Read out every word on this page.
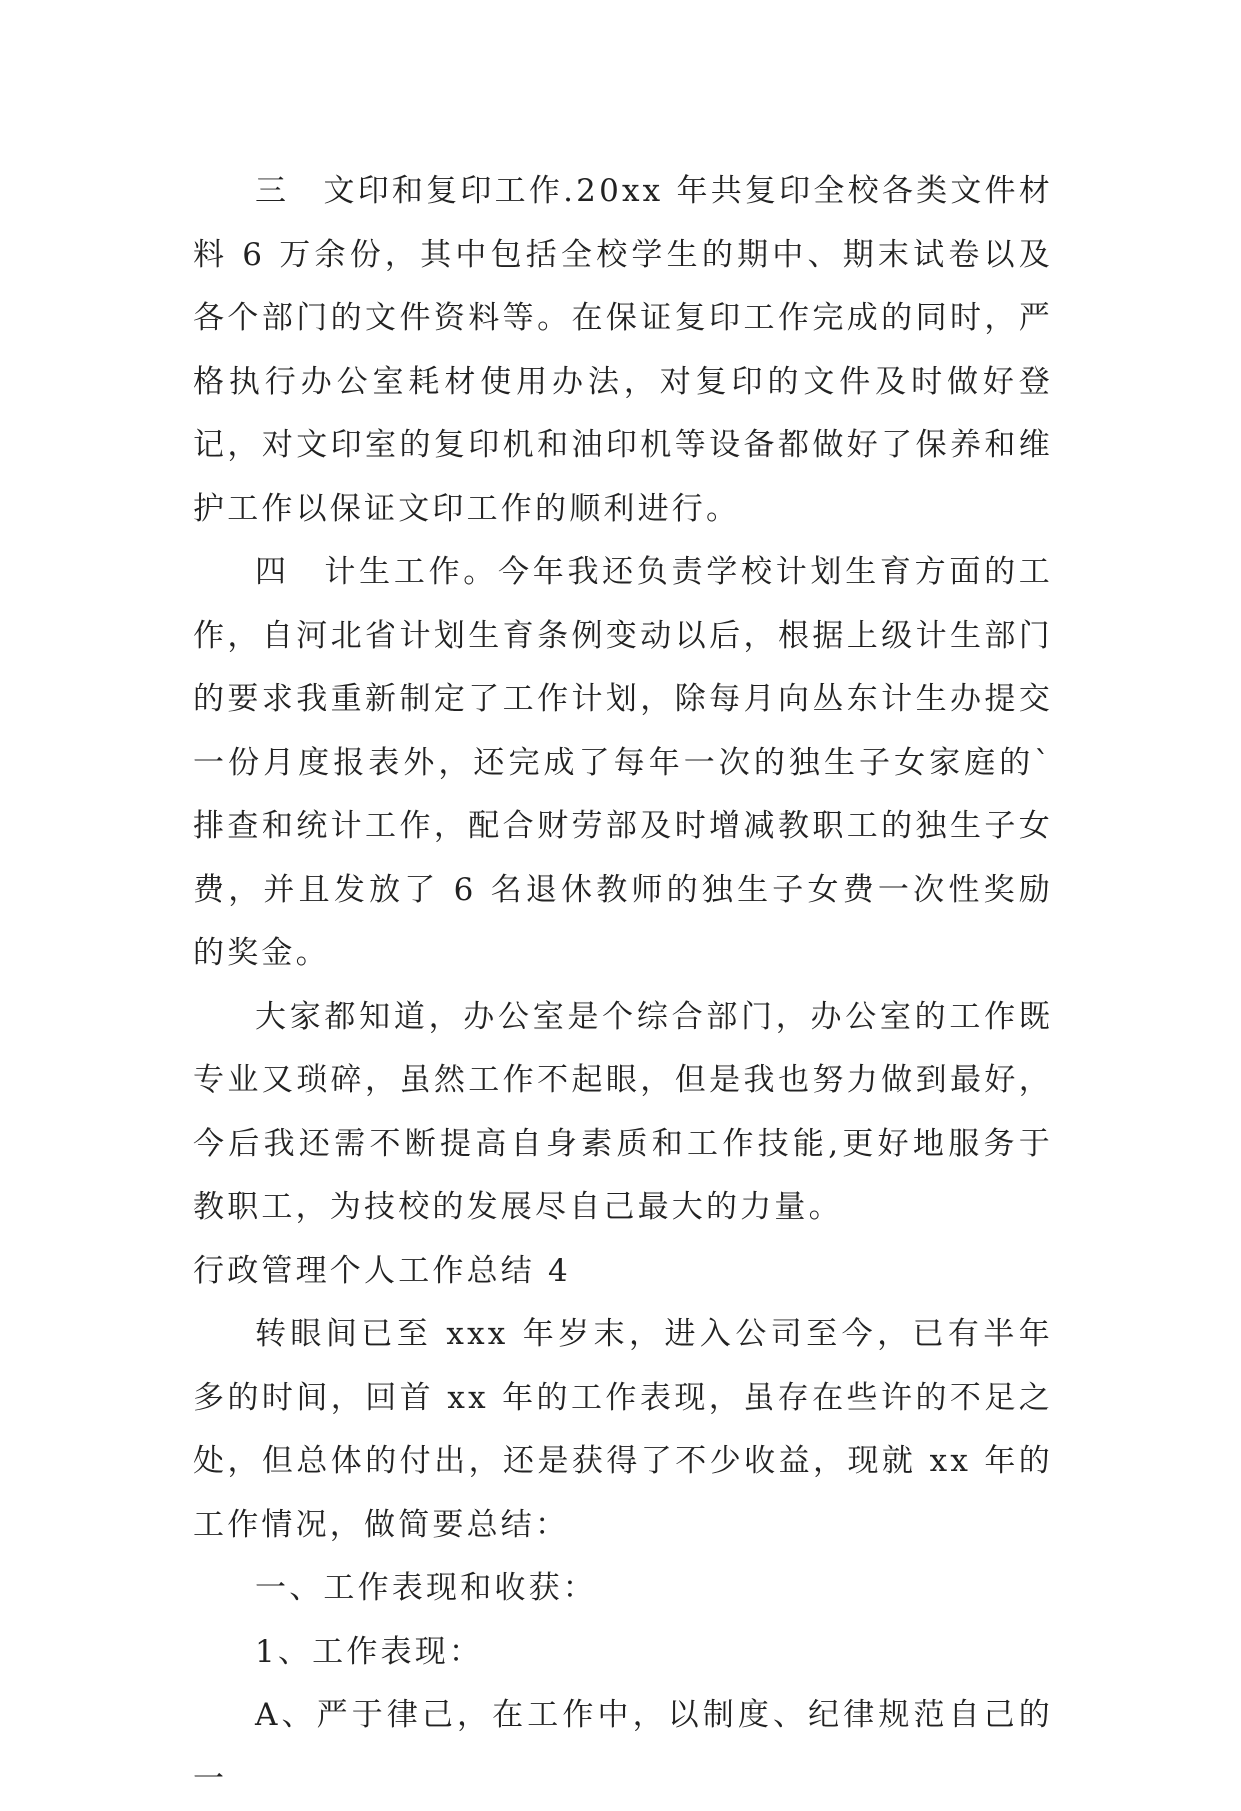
三　文印和复印工作.20xx 年共复印全校各类文件材料 6 万余份，其中包括全校学生的期中、期末试卷以及各个部门的文件资料等。在保证复印工作完成的同时，严格执行办公室耗材使用办法，对复印的文件及时做好登记，对文印室的复印机和油印机等设备都做好了保养和维护工作以保证文印工作的顺利进行。

四　计生工作。今年我还负责学校计划生育方面的工作，自河北省计划生育条例变动以后，根据上级计生部门的要求我重新制定了工作计划，除每月向丛东计生办提交一份月度报表外，还完成了每年一次的独生子女家庭的`排查和统计工作，配合财劳部及时增减教职工的独生子女费，并且发放了 6 名退休教师的独生子女费一次性奖励的奖金。

大家都知道，办公室是个综合部门，办公室的工作既专业又琐碎，虽然工作不起眼，但是我也努力做到最好，今后我还需不断提高自身素质和工作技能,更好地服务于教职工，为技校的发展尽自己最大的力量。

行政管理个人工作总结 4

转眼间已至 xxx 年岁末，进入公司至今，已有半年多的时间，回首 xx 年的工作表现，虽存在些许的不足之处，但总体的付出，还是获得了不少收益，现就 xx 年的工作情况，做简要总结：

一、工作表现和收获：

1、工作表现：

A、严于律己，在工作中，以制度、纪律规范自己的一
